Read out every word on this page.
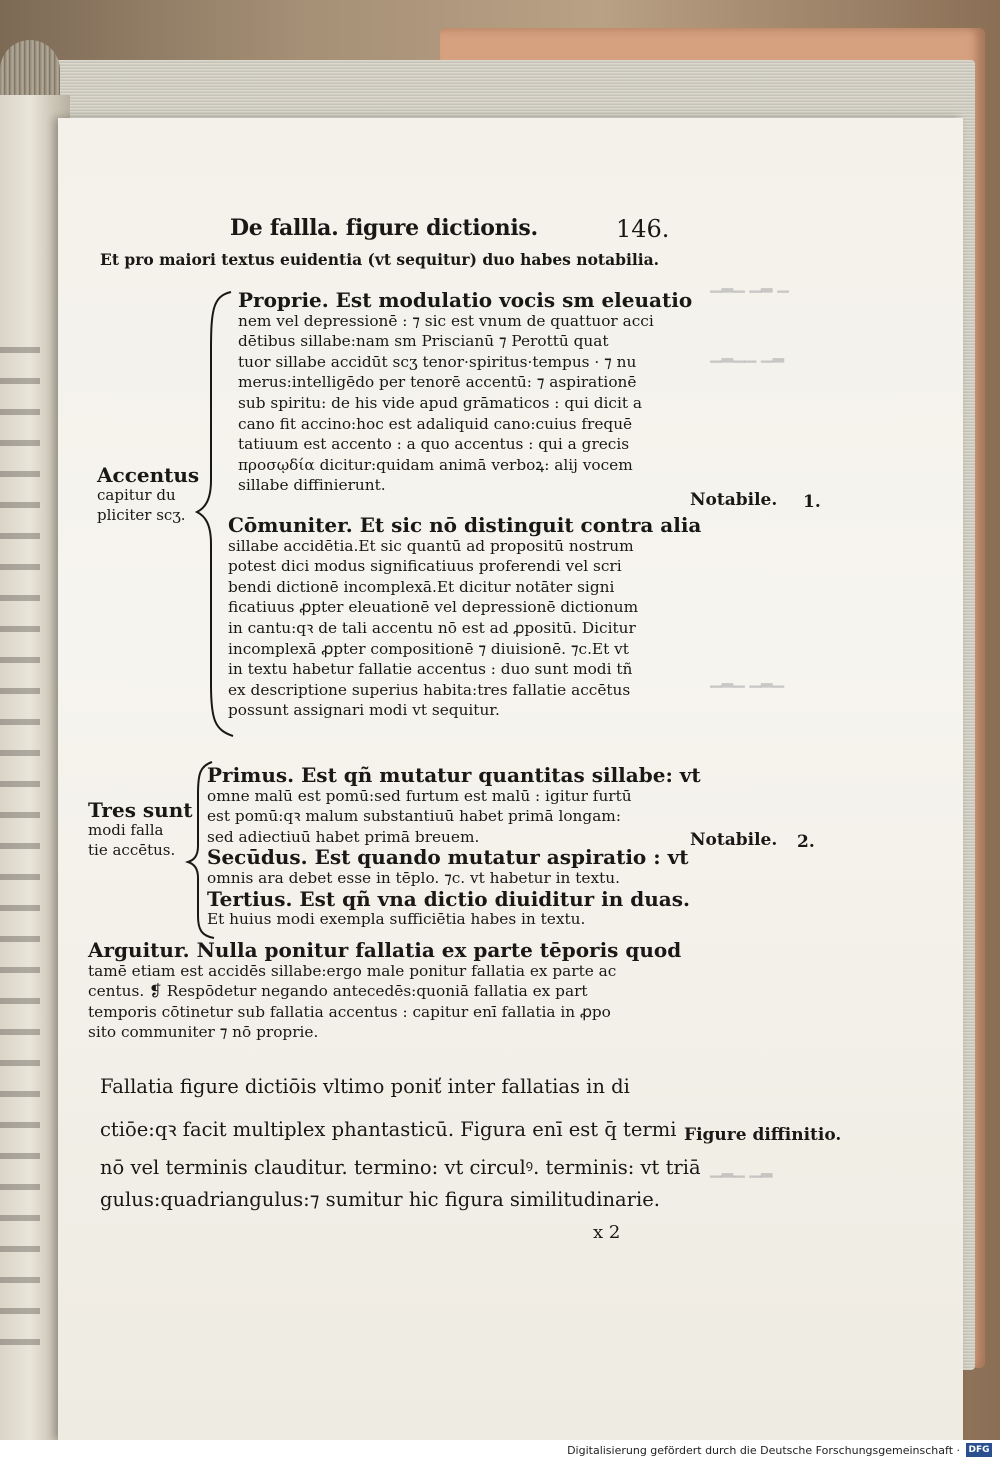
▁▂▁ ▁▂ ▁
▁▂▁▁ ▁▂
▁▂▁ ▁▂▁
▁▂▁ ▁▂
De fallla. figure dictionis.	146.
Et pro maiori textus euidentia (vt sequitur) duo habes notabilia.
Proprie. Est modulatio vocis sm eleuatio
nem vel depressionē : ⁊ sic est vnum de quattuor acci
dētibus sillabe:nam sm Priscianū ⁊ Perottū quat
tuor sillabe accidūt scʒ tenor·spiritus·tempus · ⁊ nu
merus:intelligēdo per tenorē accentū: ⁊ aspirationē
sub spiritu: de his vide apud grāmaticos : qui dicit a
cano fit accino:hoc est adaliquid cano:cuius frequē
tatiuum est accento : a quo accentus : qui a grecis
προσῳδία dicitur:quidam animā verboꝝ: alij vocem
sillabe diffinierunt.
Cōmuniter. Et sic nō distinguit contra alia
sillabe accidētia.Et sic quantū ad propositū nostrum
potest dici modus significatiuus proferendi vel scri
bendi dictionē incomplexā.Et dicitur notāter signi
ficatiuus ꝓpter eleuationē vel depressionē dictionum
in cantu:qꝛ de tali accentu nō est ad ꝓpositū. Dicitur
incomplexā ꝓpter compositionē ⁊ diuisionē. ⁊c.Et vt
in textu habetur fallatie accentus : duo sunt modi tñ
ex descriptione superius habita:tres fallatie accētus
possunt assignari modi vt sequitur.
Accentus
capitur du
pliciter scʒ.
Primus. Est qñ mutatur quantitas sillabe: vt
omne malū est pomū:sed furtum est malū : igitur furtū
est pomū:qꝛ malum substantiuū habet primā longam:
sed adiectiuū habet primā breuem.
Secūdus. Est quando mutatur aspiratio : vt
omnis ara debet esse in tēplo. ⁊c. vt habetur in textu.
Tertius. Est qñ vna dictio diuiditur in duas.
Et huius modi exempla sufficiētia habes in textu.
Tres sunt
modi falla
tie accētus.
Arguitur. Nulla ponitur fallatia ex parte tēporis quod
tamē etiam est accidēs sillabe:ergo male ponitur fallatia ex parte ac
centus. ❡ Respōdetur negando antecedēs:quoniā fallatia ex part
temporis cōtinetur sub fallatia accentus : capitur enī fallatia in ꝓpo
sito communiter ⁊ nō proprie.
Fallatia figure dictiōis vltimo poniť inter fallatias in di
ctiōe:qꝛ facit multiplex phantasticū. Figura enī est q̄ termi
nō vel terminis clauditur. termino: vt circulꝰ. terminis: vt triā
gulus:quadriangulus:⁊ sumitur hic figura similitudinarie.
Notabile. 1.
Notabile. 2.
Figure diffinitio.
x 2
Digitalisierung gefördert durch die Deutsche Forschungsgemeinschaft · DFG
